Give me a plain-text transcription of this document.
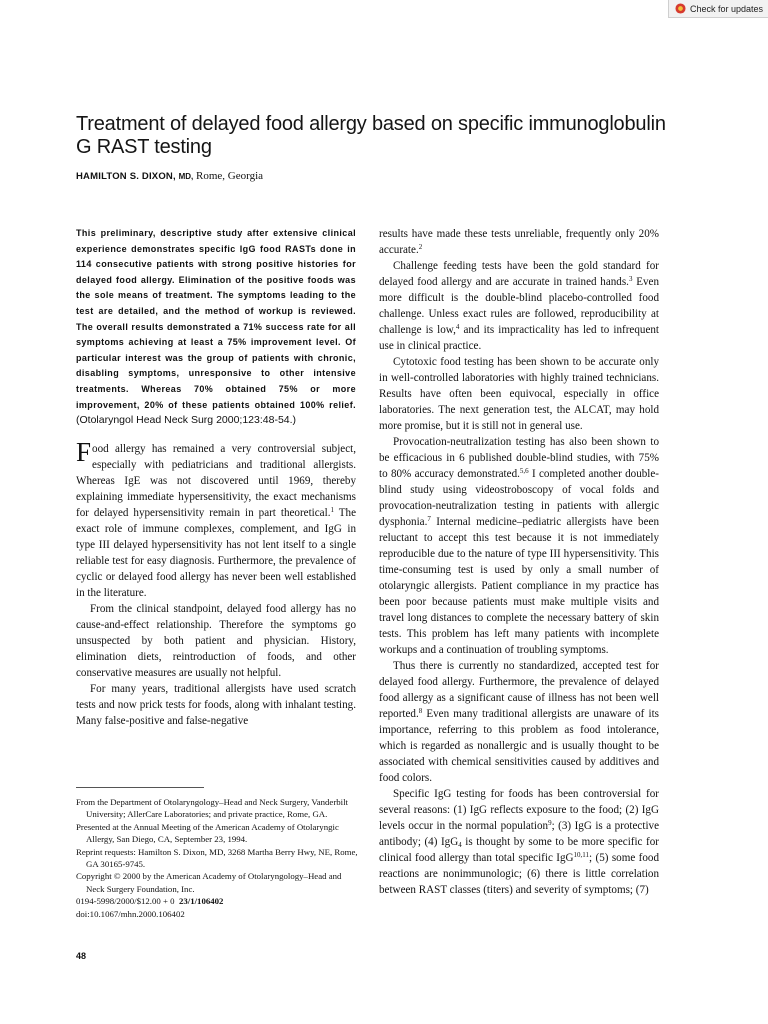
Check for updates
Treatment of delayed food allergy based on specific immunoglobulin G RAST testing
HAMILTON S. DIXON, MD, Rome, Georgia

This preliminary, descriptive study after extensive clinical experience demonstrates specific IgG food RASTs done in 114 consecutive patients with strong positive histories for delayed food allergy. Elimination of the positive foods was the sole means of treatment. The symptoms leading to the test are detailed, and the method of workup is reviewed. The overall results demonstrated a 71% success rate for all symptoms achieving at least a 75% improvement level. Of particular interest was the group of patients with chronic, disabling symptoms, unresponsive to other intensive treatments. Whereas 70% obtained 75% or more improvement, 20% of these patients obtained 100% relief. (Otolaryngol Head Neck Surg 2000;123:48-54.)

Food allergy has remained a very controversial subject, especially with pediatricians and traditional allergists. Whereas IgE was not discovered until 1969, thereby explaining immediate hypersensitivity, the exact mechanisms for delayed hypersensitivity remain in part theoretical.$^1$ The exact role of immune complexes, complement, and IgG in type III delayed hypersensitivity has not lent itself to a single reliable test for easy diagnosis. Furthermore, the prevalence of cyclic or delayed food allergy has never been well established in the literature.

From the clinical standpoint, delayed food allergy has no cause-and-effect relationship. Therefore the symptoms go unsuspected by both patient and physician. History, elimination diets, reintroduction of foods, and other conservative measures are usually not helpful.

For many years, traditional allergists have used scratch tests and now prick tests for foods, along with inhalant testing. Many false-positive and false-negative

results have made these tests unreliable, frequently only 20% accurate.$^2$

Challenge feeding tests have been the gold standard for delayed food allergy and are accurate in trained hands.$^3$ Even more difficult is the double-blind placebo-controlled food challenge. Unless exact rules are followed, reproducibility at challenge is low,$^4$ and its impracticality has led to infrequent use in clinical practice.

Cytotoxic food testing has been shown to be accurate only in well-controlled laboratories with highly trained technicians. Results have often been equivocal, especially in office laboratories. The next generation test, the ALCAT, may hold more promise, but it is still not in general use.

Provocation-neutralization testing has also been shown to be efficacious in 6 published double-blind studies, with 75% to 80% accuracy demonstrated.$^{5,6}$ I completed another double-blind study using videostroboscopy of vocal folds and provocation-neutralization testing in patients with allergic dysphonia.$^7$ Internal medicine–pediatric allergists have been reluctant to accept this test because it is not immediately reproducible due to the nature of type III hypersensitivity. This time-consuming test is used by only a small number of otolaryngic allergists. Patient compliance in my practice has been poor because patients must make multiple visits and travel long distances to complete the necessary battery of skin tests. This problem has left many patients with incomplete workups and a continuation of troubling symptoms.

Thus there is currently no standardized, accepted test for delayed food allergy. Furthermore, the prevalence of delayed food allergy as a significant cause of illness has not been well reported.$^8$ Even many traditional allergists are unaware of its importance, referring to this problem as food intolerance, which is regarded as nonallergic and is usually thought to be associated with chemical sensitivities caused by additives and food colors.

Specific IgG testing for foods has been controversial for several reasons: (1) IgG reflects exposure to the food; (2) IgG levels occur in the normal population$^9$; (3) IgG is a protective antibody; (4) IgG$_4$ is thought by some to be more specific for clinical food allergy than total specific IgG$^{10,11}$; (5) some food reactions are nonimmunologic; (6) there is little correlation between RAST classes (titers) and severity of symptoms; (7)

From the Department of Otolaryngology–Head and Neck Surgery, Vanderbilt University; AllerCare Laboratories; and private practice, Rome, GA.

Presented at the Annual Meeting of the American Academy of Otolaryngic Allergy, San Diego, CA, September 23, 1994.

Reprint requests: Hamilton S. Dixon, MD, 3268 Martha Berry Hwy, NE, Rome, GA 30165-9745.

Copyright © 2000 by the American Academy of Otolaryngology–Head and Neck Surgery Foundation, Inc.

0194-5998/2000/$12.00 + 0 23/1/106402

doi:10.1067/mhn.2000.106402

48
